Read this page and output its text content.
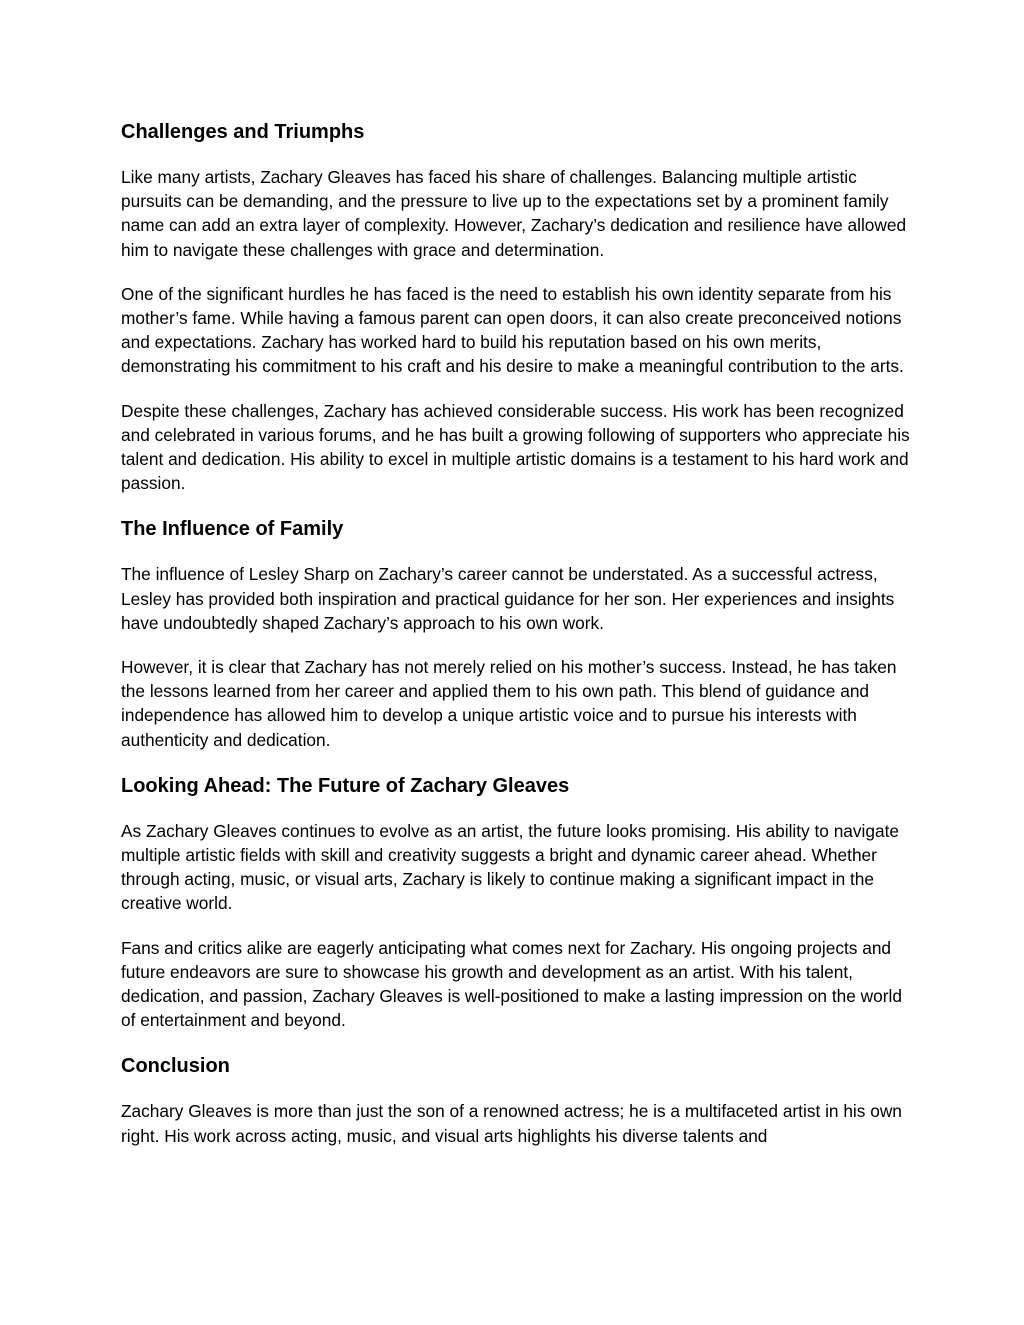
Challenges and Triumphs

Like many artists, Zachary Gleaves has faced his share of challenges. Balancing multiple artistic pursuits can be demanding, and the pressure to live up to the expectations set by a prominent family name can add an extra layer of complexity. However, Zachary’s dedication and resilience have allowed him to navigate these challenges with grace and determination.

One of the significant hurdles he has faced is the need to establish his own identity separate from his mother’s fame. While having a famous parent can open doors, it can also create preconceived notions and expectations. Zachary has worked hard to build his reputation based on his own merits, demonstrating his commitment to his craft and his desire to make a meaningful contribution to the arts.

Despite these challenges, Zachary has achieved considerable success. His work has been recognized and celebrated in various forums, and he has built a growing following of supporters who appreciate his talent and dedication. His ability to excel in multiple artistic domains is a testament to his hard work and passion.

The Influence of Family

The influence of Lesley Sharp on Zachary’s career cannot be understated. As a successful actress, Lesley has provided both inspiration and practical guidance for her son. Her experiences and insights have undoubtedly shaped Zachary’s approach to his own work.

However, it is clear that Zachary has not merely relied on his mother’s success. Instead, he has taken the lessons learned from her career and applied them to his own path. This blend of guidance and independence has allowed him to develop a unique artistic voice and to pursue his interests with authenticity and dedication.

Looking Ahead: The Future of Zachary Gleaves

As Zachary Gleaves continues to evolve as an artist, the future looks promising. His ability to navigate multiple artistic fields with skill and creativity suggests a bright and dynamic career ahead. Whether through acting, music, or visual arts, Zachary is likely to continue making a significant impact in the creative world.

Fans and critics alike are eagerly anticipating what comes next for Zachary. His ongoing projects and future endeavors are sure to showcase his growth and development as an artist. With his talent, dedication, and passion, Zachary Gleaves is well-positioned to make a lasting impression on the world of entertainment and beyond.

Conclusion

Zachary Gleaves is more than just the son of a renowned actress; he is a multifaceted artist in his own right. His work across acting, music, and visual arts highlights his diverse talents and
